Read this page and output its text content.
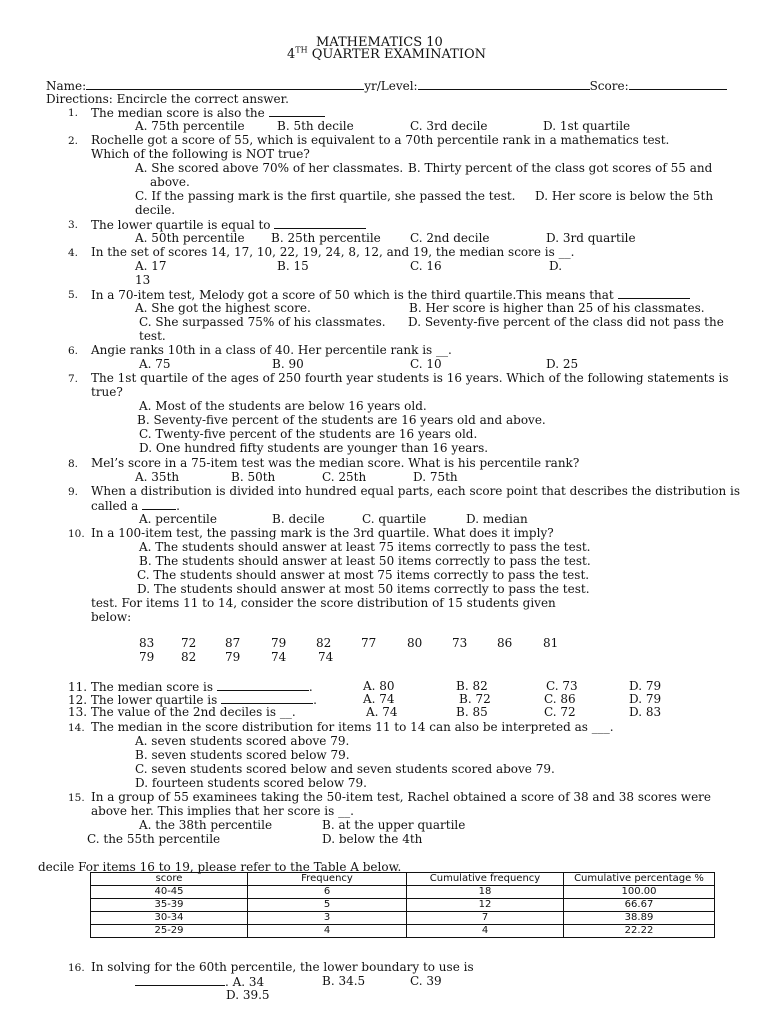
MATHEMATICS 10
4TH QUARTER EXAMINATION
Name:	yr/Level:	Score:
Directions: Encircle the correct answer.
1. The median score is also the
A. 75th percentile	B. 5th decile	C. 3rd decile	D. 1st quartile
2. Rochelle got a score of 55, which is equivalent to a 70th percentile rank in a mathematics test.
Which of the following is NOT true?
A. She scored above 70% of her classmates. B. Thirty percent of the class got scores of 55 and
above.
C. If the passing mark is the first quartile, she passed the test. D. Her score is below the 5th
decile.
3. The lower quartile is equal to
A. 50th percentile B. 25th percentile C. 2nd decile	D. 3rd quartile
4. In the set of scores 14, 17, 10, 22, 19, 24, 8, 12, and 19, the median score is __.
A. 17	B. 15	C. 16	D.
13
5. In a 70-item test, Melody got a score of 50 which is the third quartile.This means that
A. She got the highest score.	B. Her score is higher than 25 of his classmates.
C. She surpassed 75% of his classmates. D. Seventy-five percent of the class did not pass the
test.
6. Angie ranks 10th in a class of 40. Her percentile rank is __.
A. 75	B. 90	C. 10	D. 25
7. The 1st quartile of the ages of 250 fourth year students is 16 years. Which of the following statements is
true?
A. Most of the students are below 16 years old.
B. Seventy-five percent of the students are 16 years old and above.
C. Twenty-five percent of the students are 16 years old.
D. One hundred fifty students are younger than 16 years.
8. Mel’s score in a 75-item test was the median score. What is his percentile rank?
A. 35th	B. 50th	C. 25th	D. 75th
9. When a distribution is divided into hundred equal parts, each score point that describes the distribution is
called a	.
A. percentile	B. decile	C. quartile	D. median
10. In a 100-item test, the passing mark is the 3rd quartile. What does it imply?
A. The students should answer at least 75 items correctly to pass the test.
B. The students should answer at least 50 items correctly to pass the test.
C. The students should answer at most 75 items correctly to pass the test.
D. The students should answer at most 50 items correctly to pass the test.
test. For items 11 to 14, consider the score distribution of 15 students given
below:
83 72 87	79 82 77	80 73 86	81
79 82 79	74	74
11. The median score is	.	A. 80	B. 82	C. 73	D. 79
12. The lower quartile is	.	A. 74	B. 72	C. 86	D. 79
13. The value of the 2nd deciles is __.	A. 74	B. 85	C. 72	D. 83
14. The median in the score distribution for items 11 to 14 can also be interpreted as ___.
A. seven students scored above 79.
B. seven students scored below 79.
C. seven students scored below and seven students scored above 79.
D. fourteen students scored below 79.
15. In a group of 55 examinees taking the 50-item test, Rachel obtained a score of 38 and 38 scores were
above her. This implies that her score is __.
A. the 38th percentile	B. at the upper quartile
C. the 55th percentile	D. below the 4th
decile For items 16 to 19, please refer to the Table A below.
score	Frequency	Cumulative frequency	Cumulative percentage %
40-45	6	18	100.00
35-39	5	12	66.67
30-34	3	7	38.89
25-29	4	4	22.22
16. In solving for the 60th percentile, the lower boundary to use is
. A. 34	B. 34.5	C. 39
D. 39.5
